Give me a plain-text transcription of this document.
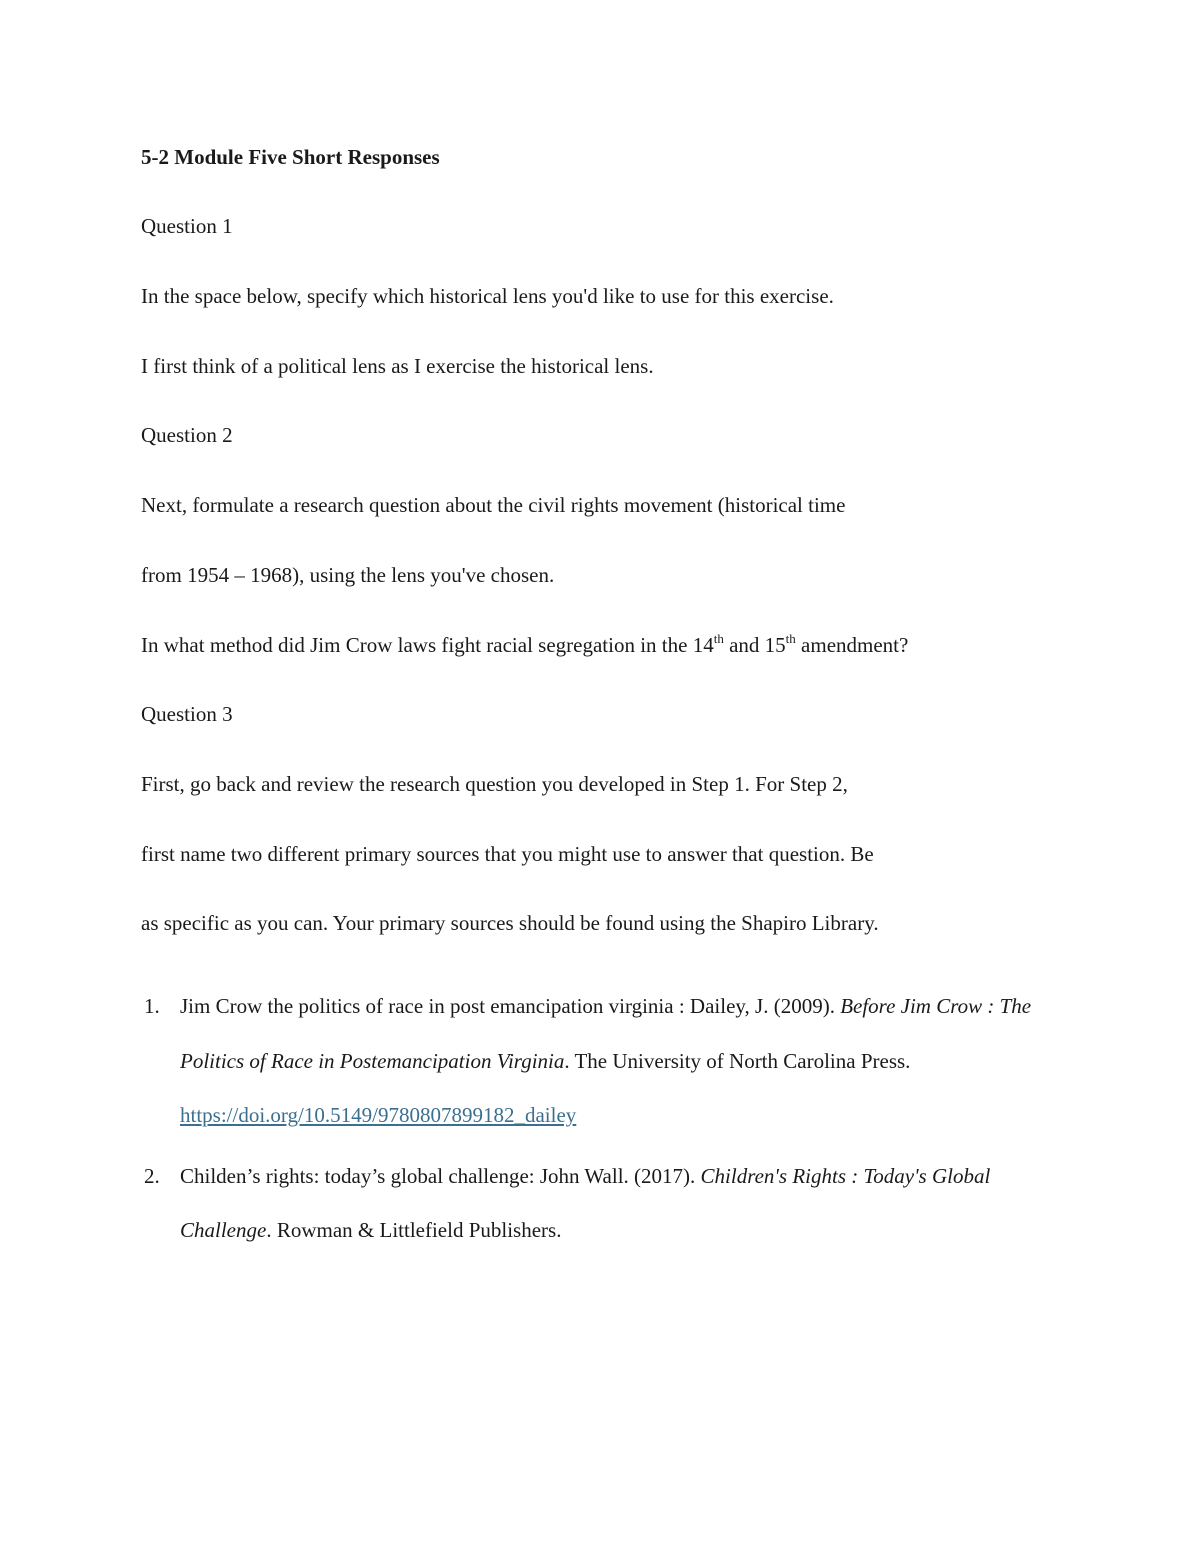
5-2 Module Five Short Responses
Question 1
In the space below, specify which historical lens you'd like to use for this exercise.
I first think of a political lens as I exercise the historical lens.
Question 2
Next, formulate a research question about the civil rights movement (historical time
from 1954 – 1968), using the lens you've chosen.
In what method did Jim Crow laws fight racial segregation in the 14th and 15th amendment?
Question 3
First, go back and review the research question you developed in Step 1. For Step 2,
first name two different primary sources that you might use to answer that question. Be
as specific as you can. Your primary sources should be found using the Shapiro Library.
1. Jim Crow the politics of race in post emancipation virginia : Dailey, J. (2009). Before Jim Crow : The Politics of Race in Postemancipation Virginia. The University of North Carolina Press. https://doi.org/10.5149/9780807899182_dailey
2. Childen’s rights: today’s global challenge: John Wall. (2017). Children's Rights : Today's Global Challenge. Rowman & Littlefield Publishers.
